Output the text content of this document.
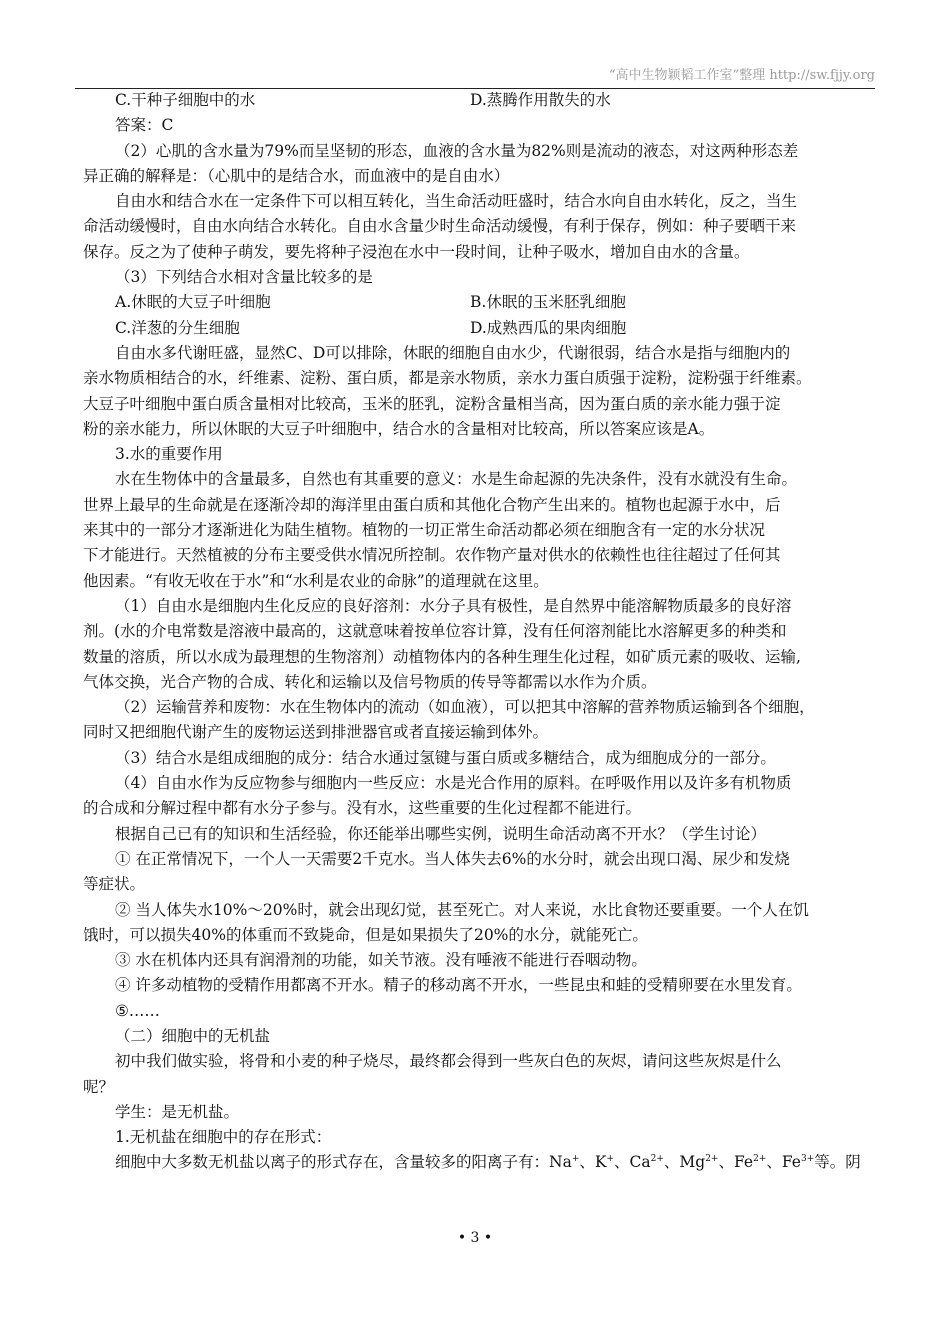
“高中生物颖韬工作室”整理 http://sw.fjjy.org
C.干种子细胞中的水	D.蒸腾作用散失的水

答案：C

（2）心肌的含水量为79%而呈坚韧的形态，血液的含水量为82%则是流动的液态，对这两种形态差

异正确的解释是：（心肌中的是结合水，而血液中的是自由水）

自由水和结合水在一定条件下可以相互转化，当生命活动旺盛时，结合水向自由水转化，反之，当生

命活动缓慢时，自由水向结合水转化。自由水含量少时生命活动缓慢，有利于保存，例如：种子要晒干来

保存。反之为了使种子萌发，要先将种子浸泡在水中一段时间，让种子吸水，增加自由水的含量。

（3）下列结合水相对含量比较多的是

A.休眠的大豆子叶细胞	B.休眠的玉米胚乳细胞
C.洋葱的分生细胞	D.成熟西瓜的果肉细胞

自由水多代谢旺盛，显然C、D可以排除，休眠的细胞自由水少，代谢很弱，结合水是指与细胞内的

亲水物质相结合的水，纤维素、淀粉、蛋白质，都是亲水物质，亲水力蛋白质强于淀粉，淀粉强于纤维素。

大豆子叶细胞中蛋白质含量相对比较高，玉米的胚乳，淀粉含量相当高，因为蛋白质的亲水能力强于淀

粉的亲水能力，所以休眠的大豆子叶细胞中，结合水的含量相对比较高，所以答案应该是A。

3.水的重要作用

水在生物体中的含量最多，自然也有其重要的意义：水是生命起源的先决条件，没有水就没有生命。

世界上最早的生命就是在逐渐冷却的海洋里由蛋白质和其他化合物产生出来的。植物也起源于水中，后

来其中的一部分才逐渐进化为陆生植物。植物的一切正常生命活动都必须在细胞含有一定的水分状况

下才能进行。天然植被的分布主要受供水情况所控制。农作物产量对供水的依赖性也往往超过了任何其

他因素。“有收无收在于水”和“水利是农业的命脉”的道理就在这里。

（1）自由水是细胞内生化反应的良好溶剂：水分子具有极性，是自然界中能溶解物质最多的良好溶

剂。(水的介电常数是溶液中最高的，这就意味着按单位容计算，没有任何溶剂能比水溶解更多的种类和

数量的溶质，所以水成为最理想的生物溶剂）动植物体内的各种生理生化过程，如矿质元素的吸收、运输,

气体交换，光合产物的合成、转化和运输以及信号物质的传导等都需以水作为介质。

（2）运输营养和废物：水在生物体内的流动（如血液），可以把其中溶解的营养物质运输到各个细胞，

同时又把细胞代谢产生的废物运送到排泄器官或者直接运输到体外。

（3）结合水是组成细胞的成分：结合水通过氢键与蛋白质或多糖结合，成为细胞成分的一部分。

（4）自由水作为反应物参与细胞内一些反应：水是光合作用的原料。在呼吸作用以及许多有机物质

的合成和分解过程中都有水分子参与。没有水，这些重要的生化过程都不能进行。

根据自己已有的知识和生活经验，你还能举出哪些实例，说明生命活动离不开水？（学生讨论）

① 在正常情况下，一个人一天需要2千克水。当人体失去6%的水分时，就会出现口渴、尿少和发烧

等症状。

② 当人体失水10%～20%时，就会出现幻觉，甚至死亡。对人来说，水比食物还要重要。一个人在饥

饿时，可以损失40%的体重而不致毙命，但是如果损失了20%的水分，就能死亡。

③ 水在机体内还具有润滑剂的功能，如关节液。没有唾液不能进行吞咽动物。

④ 许多动植物的受精作用都离不开水。精子的移动离不开水，一些昆虫和蛙的受精卵要在水里发育。

⑤……

（二）细胞中的无机盐

初中我们做实验，将骨和小麦的种子烧尽，最终都会得到一些灰白色的灰烬，请问这些灰烬是什么

呢？

学生：是无机盐。

1.无机盐在细胞中的存在形式：

细胞中大多数无机盐以离子的形式存在，含量较多的阳离子有：Na+、K+、$Ca^{2+}$、$Mg^{2+}$、$Fe^{2+}$、$Fe^{3+}$等。阴

• 3 •
